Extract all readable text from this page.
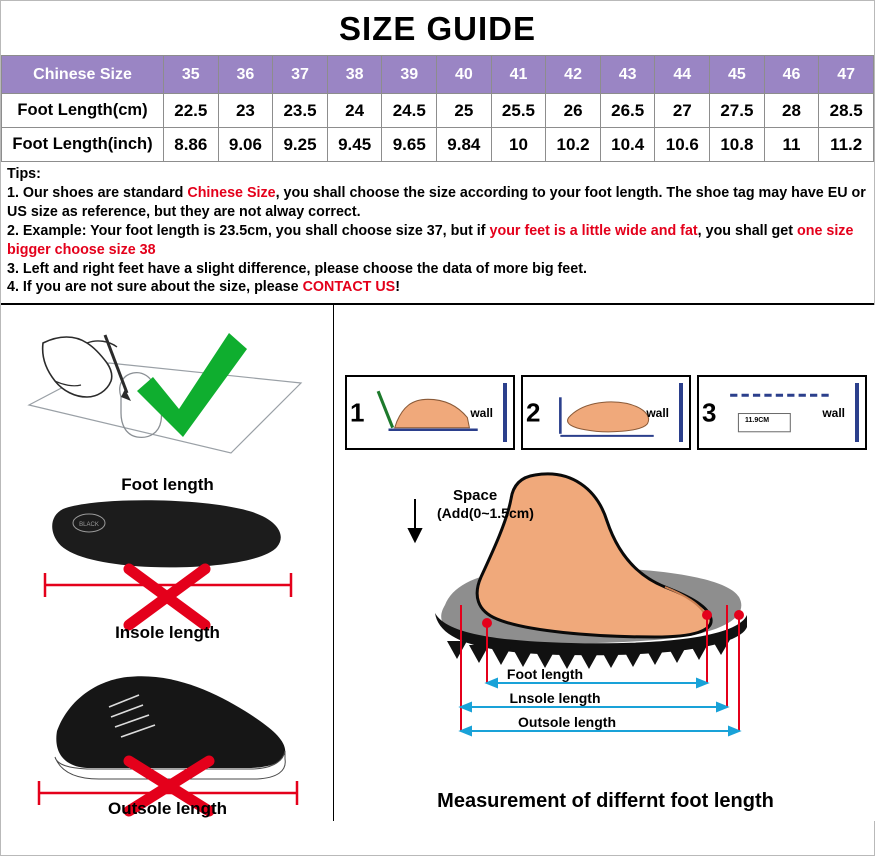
SIZE GUIDE
Chinese Size	35	36	37	38	39	40	41	42	43	44	45	46	47
Foot Length(cm)	22.5	23	23.5	24	24.5	25	25.5	26	26.5	27	27.5	28	28.5
Foot Length(inch)	8.86	9.06	9.25	9.45	9.65	9.84	10	10.2	10.4	10.6	10.8	11	11.2

Tips:

1. Our shoes are standard Chinese Size, you shall choose the size according to your foot length. The shoe tag may have EU or US size as reference, but they are not alway correct.

2. Example: Your foot length is 23.5cm, you shall choose size 37, but if your feet is a little wide and fat, you shall get one size bigger choose size 38

3. Left and right feet have a slight difference, please choose the data of more big feet.

4. If you are not sure about the size, please CONTACT US!

Foot length
BLACK
Insole length
Outsole length
1	wall 2	wall 3	11.9CM
wall
Foot length
Lnsole length
Outsole length
Space
(Add(0~1.5cm)
Measurement of differnt foot length
